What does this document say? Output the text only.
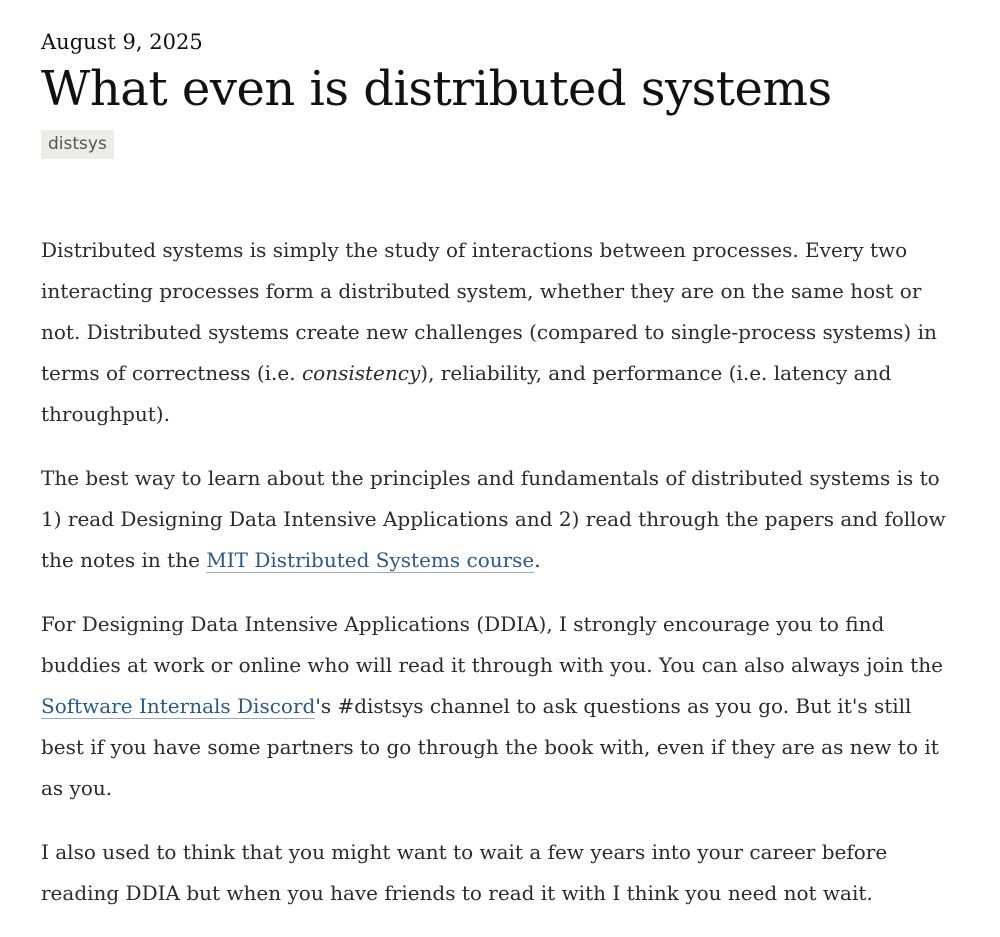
August 9, 2025
What even is distributed systems
distsys

Distributed systems is simply the study of interactions between processes. Every two interacting processes form a distributed system, whether they are on the same host or not. Distributed systems create new challenges (compared to single-process systems) in terms of correctness (i.e. consistency), reliability, and performance (i.e. latency and throughput).

The best way to learn about the principles and fundamentals of distributed systems is to 1) read Designing Data Intensive Applications and 2) read through the papers and follow the notes in the MIT Distributed Systems course.

For Designing Data Intensive Applications (DDIA), I strongly encourage you to find buddies at work or online who will read it through with you. You can also always join the Software Internals Discord's #distsys channel to ask questions as you go. But it's still best if you have some partners to go through the book with, even if they are as new to it as you.

I also used to think that you might want to wait a few years into your career before reading DDIA but when you have friends to read it with I think you need not wait.
